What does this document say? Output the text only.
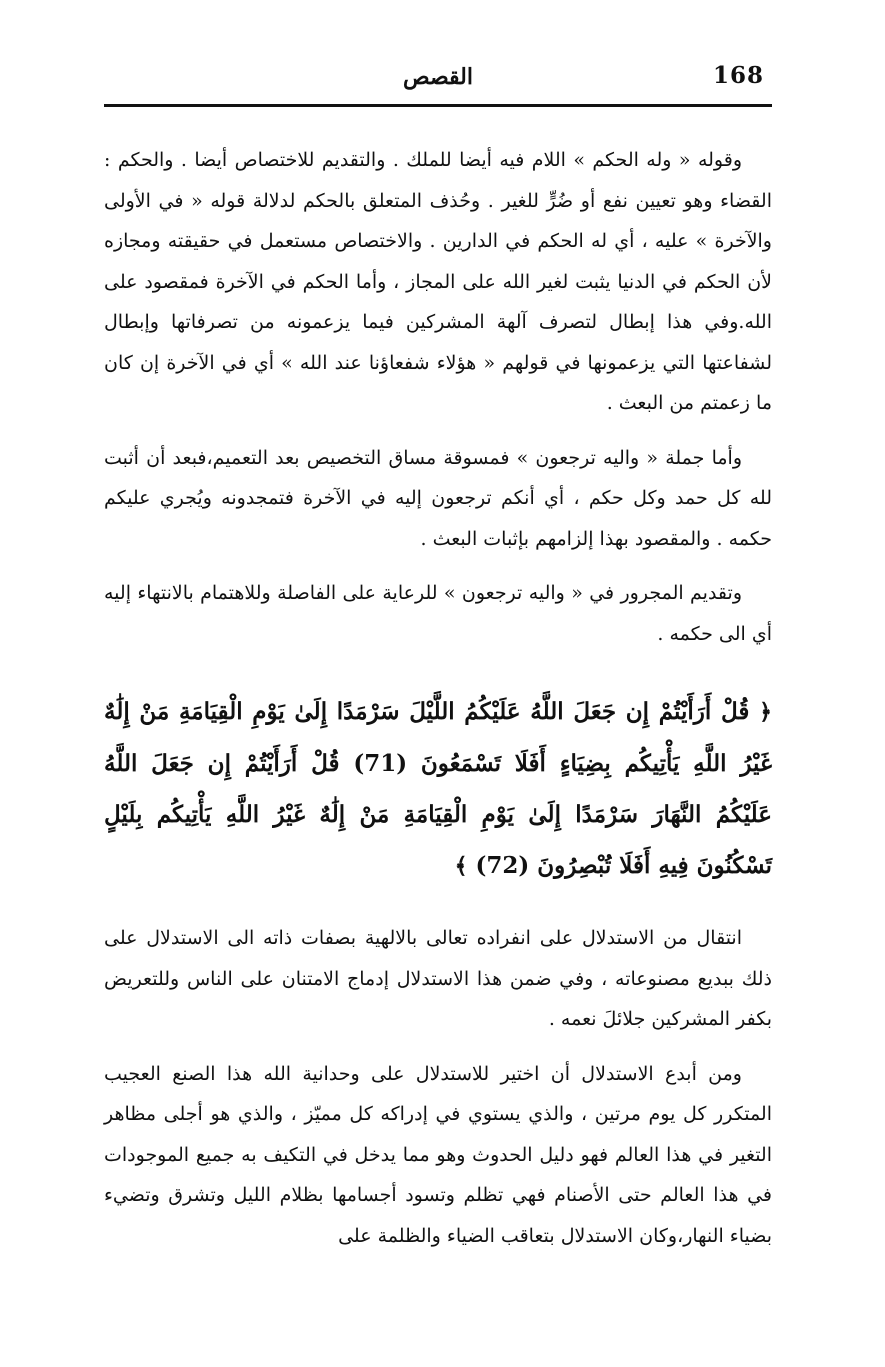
168
القصص

وقوله « وله الحكم » اللام فيه أيضا للملك . والتقديم للاختصاص أيضا . والحكم : القضاء وهو تعيين نفع أو ضُرٍّ للغير . وحُذف المتعلق بالحكم لدلالة قوله « في الأولى والآخرة » عليه ، أي له الحكم في الدارين . والاختصاص مستعمل في حقيقته ومجازه لأن الحكم في الدنيا يثبت لغير الله على المجاز ، وأما الحكم في الآخرة فمقصود على الله.وفي هذا إبطال لتصرف آلهة المشركين فيما يزعمونه من تصرفاتها وإبطال لشفاعتها التي يزعمونها في قولهم « هؤلاء شفعاؤنا عند الله » أي في الآخرة إن كان ما زعمتم من البعث .

وأما جملة « واليه ترجعون » فمسوقة مساق التخصيص بعد التعميم،فبعد أن أثبت لله كل حمد وكل حكم ، أي أنكم ترجعون إليه في الآخرة فتمجدونه ويُجري عليكم حكمه . والمقصود بهذا إلزامهم بإثبات البعث .

وتقديم المجرور في « واليه ترجعون » للرعاية على الفاصلة وللاهتمام بالانتهاء إليه أي الى حكمه .

﴿ قُلْ أَرَأَيْتُمْ إِن جَعَلَ اللَّهُ عَلَيْكُمُ اللَّيْلَ سَرْمَدًا إِلَىٰ يَوْمِ الْقِيَامَةِ مَنْ إِلَٰهٌ غَيْرُ اللَّهِ يَأْتِيكُم بِضِيَاءٍ أَفَلَا تَسْمَعُونَ (71) قُلْ أَرَأَيْتُمْ إِن جَعَلَ اللَّهُ عَلَيْكُمُ النَّهَارَ سَرْمَدًا إِلَىٰ يَوْمِ الْقِيَامَةِ مَنْ إِلَٰهٌ غَيْرُ اللَّهِ يَأْتِيكُم بِلَيْلٍ تَسْكُنُونَ فِيهِ أَفَلَا تُبْصِرُونَ (72) ﴾

انتقال من الاستدلال على انفراده تعالى بالالهية بصفات ذاته الى الاستدلال على ذلك ببديع مصنوعاته ، وفي ضمن هذا الاستدلال إدماج الامتنان على الناس وللتعريض بكفر المشركين جلائلَ نعمه .

ومن أبدع الاستدلال أن اختير للاستدلال على وحدانية الله هذا الصنع العجيب المتكرر كل يوم مرتين ، والذي يستوي في إدراكه كل مميّز ، والذي هو أجلى مظاهر التغير في هذا العالم فهو دليل الحدوث وهو مما يدخل في التكيف به جميع الموجودات في هذا العالم حتى الأصنام فهي تظلم وتسود أجسامها بظلام الليل وتشرق وتضيء بضياء النهار،وكان الاستدلال بتعاقب الضياء والظلمة على
